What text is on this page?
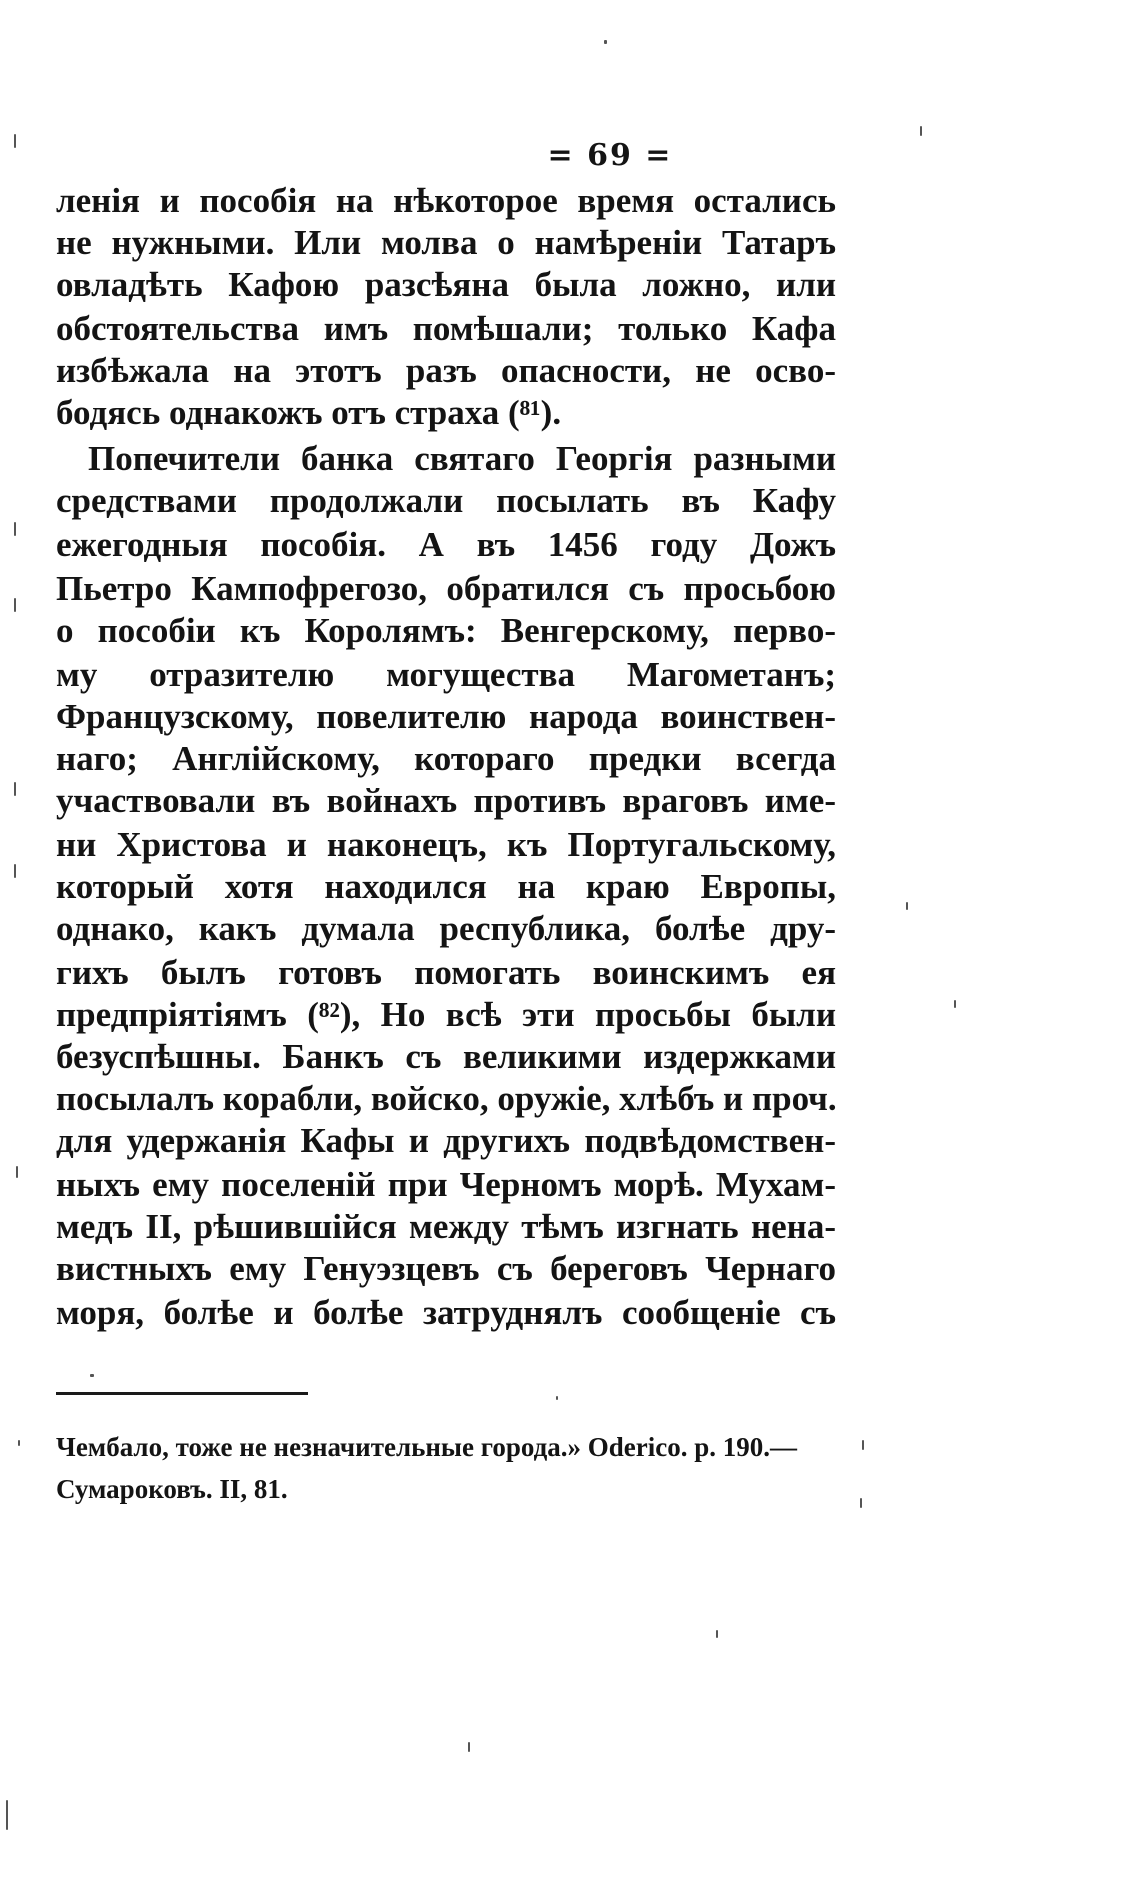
= 69 =
ленія и пособія на нѣкоторое время остались
не нужными. Или молва о намѣреніи Татаръ
овладѣть Кафою разсѣяна была ложно, или
обстоятельства имъ помѣшали; только Кафа
избѣжала на этотъ разъ опасности, не осво-
бодясь однакожъ отъ страха (⁸¹).
Попечители банка святаго Георгія разными
средствами продолжали посылать въ Кафу
ежегодныя пособія. А въ 1456 году Дожъ
Пьетро Кампофрегозо, обратился съ просьбою
о пособіи къ Королямъ: Венгерскому, перво-
му отразителю могущества Магометанъ;
Французскому, повелителю народа воинствен-
наго; Англійскому, котораго предки всегда
участвовали въ войнахъ противъ враговъ име-
ни Христова и наконецъ, къ Португальскому,
который хотя находился на краю Европы,
однако, какъ думала республика, болѣе дру-
гихъ былъ готовъ помогать воинскимъ ея
предпріятіямъ (⁸²), Но всѣ эти просьбы были
безуспѣшны. Банкъ съ великими издержками
посылалъ корабли, войско, оружіе, хлѣбъ и проч.
для удержанія Кафы и другихъ подвѣдомствен-
ныхъ ему поселеній при Черномъ морѣ. Мухам-
медъ II, рѣшившійся между тѣмъ изгнать нена-
вистныхъ ему Генуэзцевъ съ береговъ Чернаго
моря, болѣе и болѣе затруднялъ сообщеніе съ
Чембало, тоже не незначительные города.» Oderico. p. 190.—
Сумароковъ. II, 81.
